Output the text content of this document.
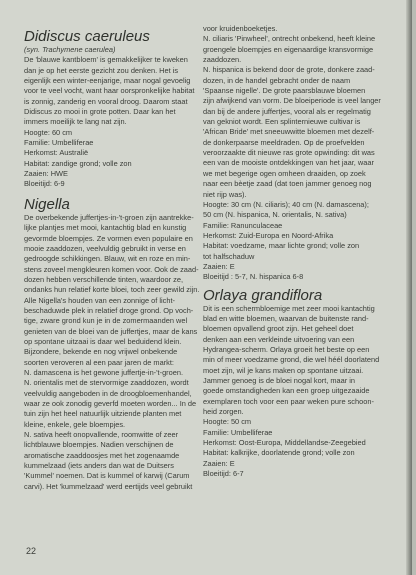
Didiscus caeruleus
(syn. Trachymene caerulea)
De 'blauwe kantbloem' is gemakkelijker te kweken
dan je op het eerste gezicht zou denken. Het is
eigenlijk een winter-eenjarige, maar nogal gevoelig
voor te veel vocht, want haar oorspronkelijke habitat
is zonnig, zanderig en vooral droog. Daarom staat
Didiscus zo mooi in grote potten. Daar kan het
immers moeilijk te lang nat zijn.
Hoogte: 60 cm
Familie: Umbelliferae
Herkomst: Australië
Habitat: zandige grond; volle zon
Zaaien: HWE
Bloeitijd: 6-9
Nigella
De overbekende juffertjes-in-'t-groen zijn aantrekke-
lijke plantjes met mooi, kantachtig blad en kunstig
gevormde bloempjes. Ze vormen even populaire en
mooie zaaddozen, veelvuldig gebruikt in verse en
gedroogde schikkingen. Blauw, wit en roze en min-
stens zoveel mengkleuren komen voor. Ook de zaad-
dozen hebben verschillende tinten, waardoor ze,
ondanks hun relatief korte bloei, toch zeer gewild zijn.
Alle Nigella's houden van een zonnige of licht-
beschaduwde plek in relatief droge grond. Op voch-
tige, zware grond kun je in de zomermaanden wel
genieten van de bloei van de juffertjes, maar de kans
op spontane uitzaai is daar wel beduidend klein.
Bijzondere, bekende en nog vrijwel onbekende
soorten veroveren al een paar jaren de markt:
N. damascena is het gewone juffertje-in-'t-groen.
N. orientalis met de stervormige zaaddozen, wordt
veelvuldig aangeboden in de droogbloemenhandel,
waar ze ook zonodig geverfd moeten worden... In de
tuin zijn het heel natuurlijk uitziende planten met
kleine, enkele, gele bloempjes.
N. sativa heeft onopvallende, roomwitte of zeer
lichtblauwe bloempjes. Nadien verschijnen de
aromatische zaaddoosjes met het zogenaamde
kummelzaad (iets anders dan wat de Duitsers
'Kummel' noemen. Dat is kummel of karwij (Carum
carvi). Het 'kummelzaad' werd eertijds veel gebruikt
voor kruidenboeketjes.
N. ciliaris 'Pinwheel', ontrecht onbekend, heeft kleine
groengele bloempjes en eigenaardige kransvormige
zaaddozen.
N. hispanica is bekend door de grote, donkere zaad-
dozen, in de handel gebracht onder de naam
'Spaanse nigelle'. De grote paarsblauwe bloemen
zijn afwijkend van vorm. De bloeiperiode is veel langer
dan bij de andere juffertjes, vooral als er regelmatig
van gekniot wordt. Een splinternieuwe cultivar is
'African Bride' met sneeuwwitte bloemen met dezelf-
de donkerpaarse meeldraden. Op de proefvelden
veroorzaakte dit nieuwe ras grote opwinding: dit was
een van de mooiste ontdekkingen van het jaar, waar
we met begerige ogen omheen draaiden, op zoek
naar een bèetje zaad (dat toen jammer genoeg nog
niet rijp was).
Hoogte: 30 cm (N. ciliaris); 40 cm (N. damascena);
50 cm (N. hispanica, N. orientalis, N. sativa)
Familie: Ranunculaceae
Herkomst: Zuid-Europa en Noord-Afrika
Habitat: voedzame, maar lichte grond; volle zon
tot halfschaduw
Zaaien: E
Bloeitijd : 5-7, N. hispanica 6-8
Orlaya grandiflora
Dit is een schermbloemige met zeer mooi kantachtig
blad en witte bloemen, waarvan de buitenste rand-
bloemen opvallend groot zijn. Het geheel doet
denken aan een verkleinde uitvoering van een
Hydrangea-scherm. Orlaya groeit het beste op een
min of meer voedzame grond, die wel héél doorlatend
moet zijn, wil je kans maken op spontane uitzaai.
Jammer genoeg is de bloei nogal kort, maar in
goede omstandigheden kan een groep uitgezaaide
exemplaren toch voor een paar weken pure schoon-
heid zorgen.
Hoogte: 50 cm
Familie: Umbelliferae
Herkomst: Oost-Europa, Middellandse-Zeegebied
Habitat: kalkrijke, doorlatende grond; volle zon
Zaaien: E
Bloeitijd: 6-7
22
